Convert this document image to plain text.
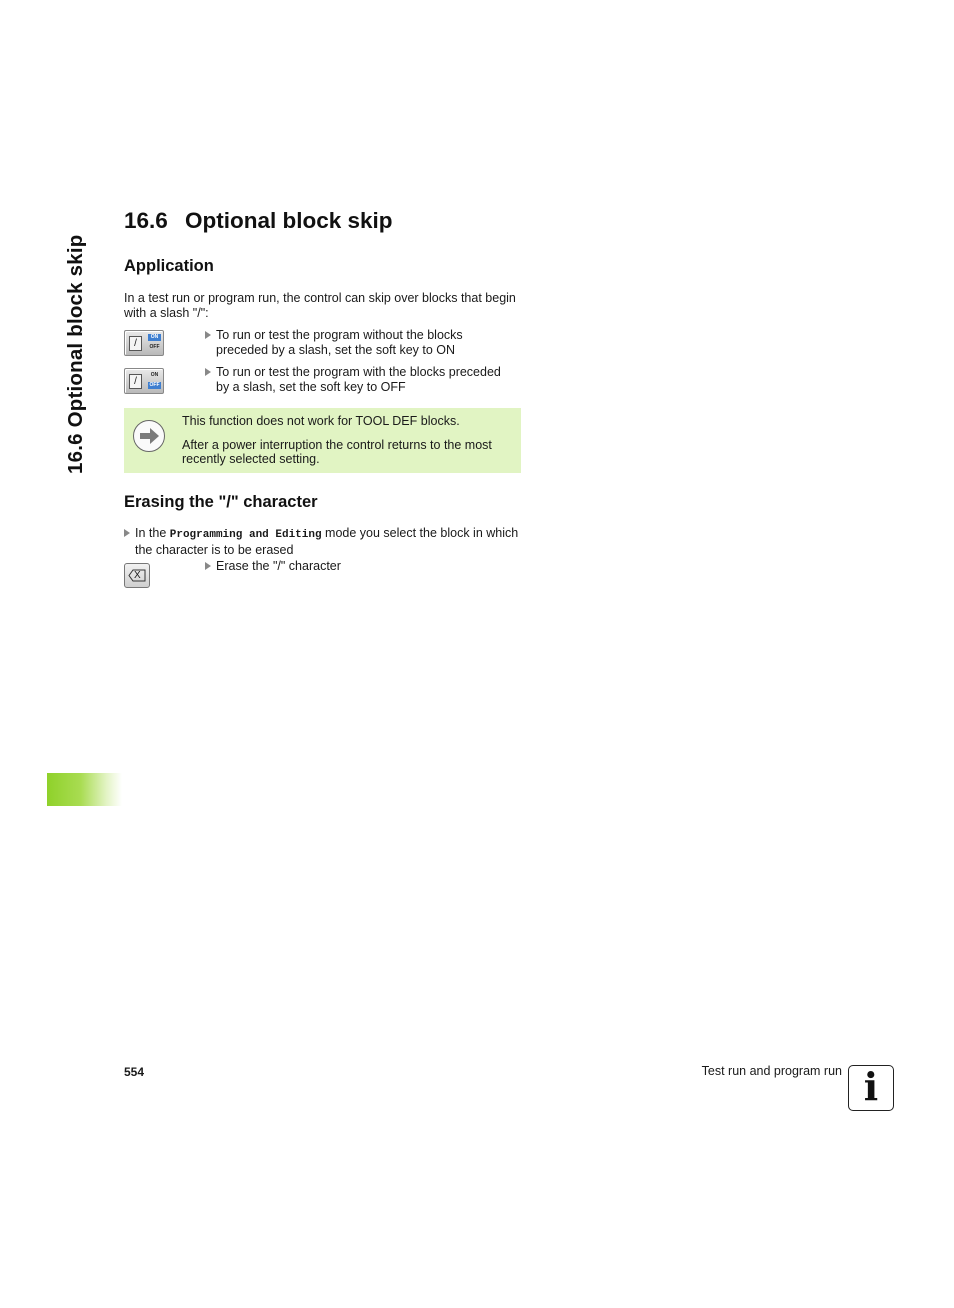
16.6 Optional block skip
16.6 Optional block skip
Application
In a test run or program run, the control can skip over blocks that begin
with a slash "/":
/
ON
OFF
To run or test the program without the blocks
preceded by a slash, set the soft key to ON
/
ON
OFF
To run or test the program with the blocks preceded
by a slash, set the soft key to OFF
This function does not work for TOOL DEF blocks.
After a power interruption the control returns to the most
recently selected setting.
Erasing the "/" character
In the Programming and Editing mode you select the block in which
the character is to be erased
X
Erase the "/" character
554	Test run and program run i
